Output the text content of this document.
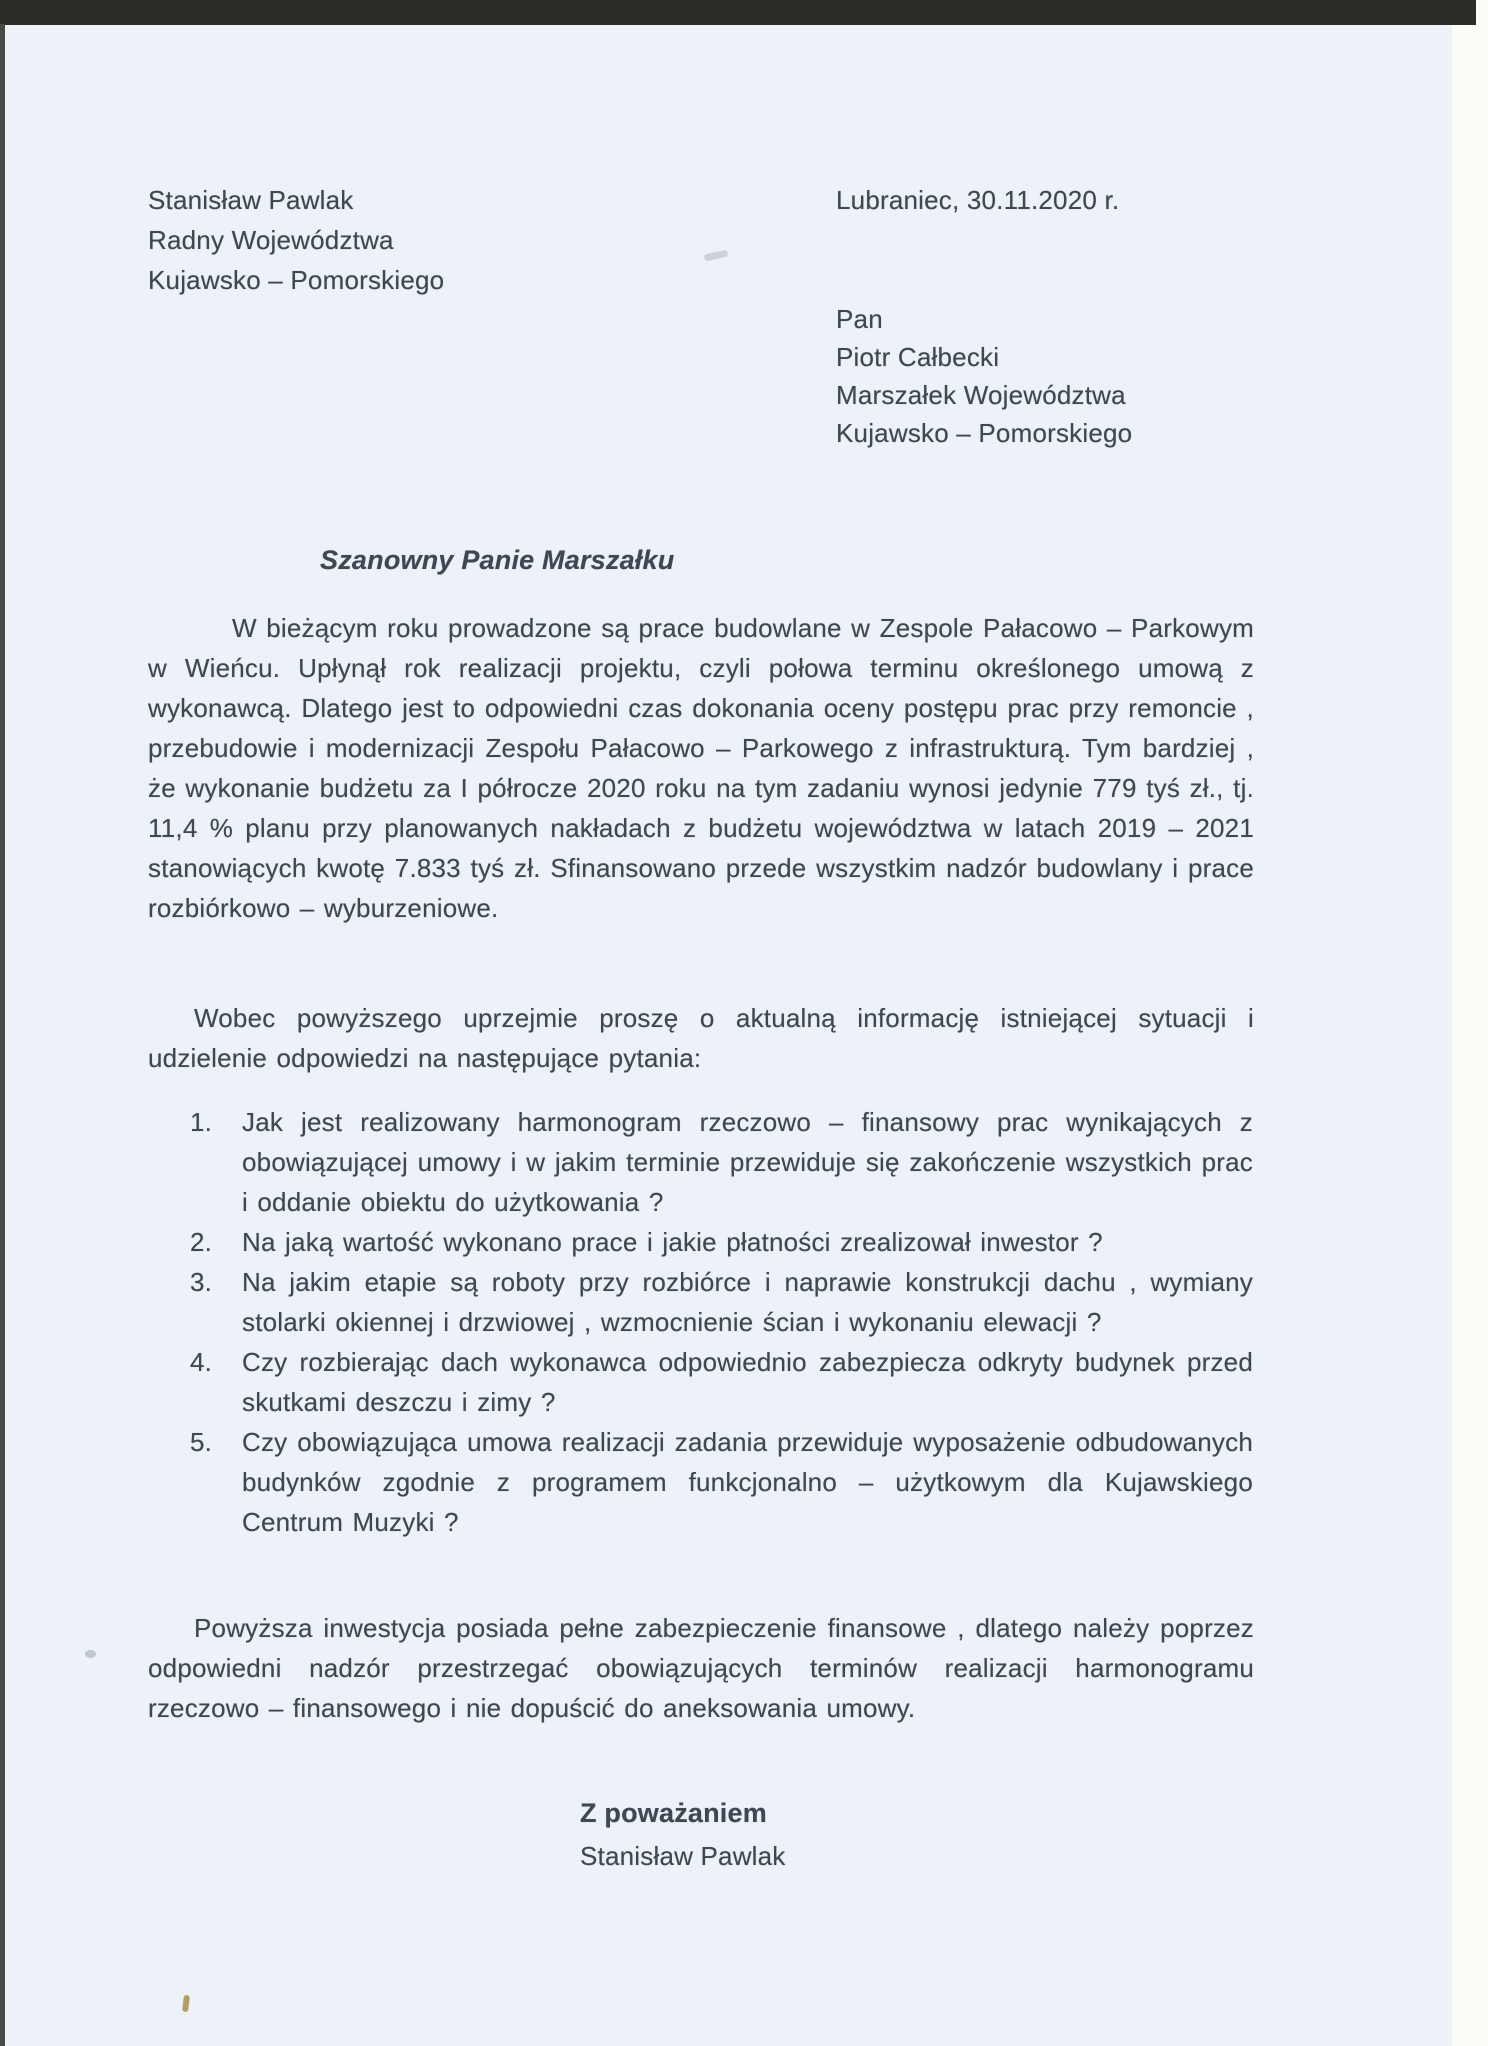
Stanisław Pawlak
Radny Województwa
Kujawsko – Pomorskiego
Lubraniec, 30.11.2020 r.
Pan
Piotr Całbecki
Marszałek Województwa
Kujawsko – Pomorskiego
Szanowny Panie Marszałku
W bieżącym roku prowadzone są prace budowlane w Zespole Pałacowo – Parkowym w Wieńcu. Upłynął rok realizacji projektu, czyli połowa terminu określonego umową z wykonawcą. Dlatego jest to odpowiedni czas dokonania oceny postępu prac przy remoncie , przebudowie i modernizacji Zespołu Pałacowo – Parkowego z infrastrukturą. Tym bardziej , że wykonanie budżetu za I półrocze 2020 roku na tym zadaniu wynosi jedynie 779 tyś zł., tj. 11,4 % planu przy planowanych nakładach z budżetu województwa w latach 2019 – 2021 stanowiących kwotę 7.833 tyś zł. Sfinansowano przede wszystkim nadzór budowlany i prace rozbiórkowo – wyburzeniowe.
Wobec powyższego uprzejmie proszę o aktualną informację istniejącej sytuacji i udzielenie odpowiedzi na następujące pytania:
1.	Jak jest realizowany harmonogram rzeczowo – finansowy prac wynikających z obowiązującej umowy i w jakim terminie przewiduje się zakończenie wszystkich prac i oddanie obiektu do użytkowania ?
2.	Na jaką wartość wykonano prace i jakie płatności zrealizował inwestor ?
3.	Na jakim etapie są roboty przy rozbiórce i naprawie konstrukcji dachu , wymiany stolarki okiennej i drzwiowej , wzmocnienie ścian i wykonaniu elewacji ?
4.	Czy rozbierając dach wykonawca odpowiednio zabezpiecza odkryty budynek przed skutkami deszczu i zimy ?
5.	Czy obowiązująca umowa realizacji zadania przewiduje wyposażenie odbudowanych budynków zgodnie z programem funkcjonalno – użytkowym dla Kujawskiego Centrum Muzyki ?
Powyższa inwestycja posiada pełne zabezpieczenie finansowe , dlatego należy poprzez odpowiedni nadzór przestrzegać obowiązujących terminów realizacji harmonogramu rzeczowo – finansowego i nie dopuścić do aneksowania umowy.
Z poważaniem
Stanisław Pawlak
